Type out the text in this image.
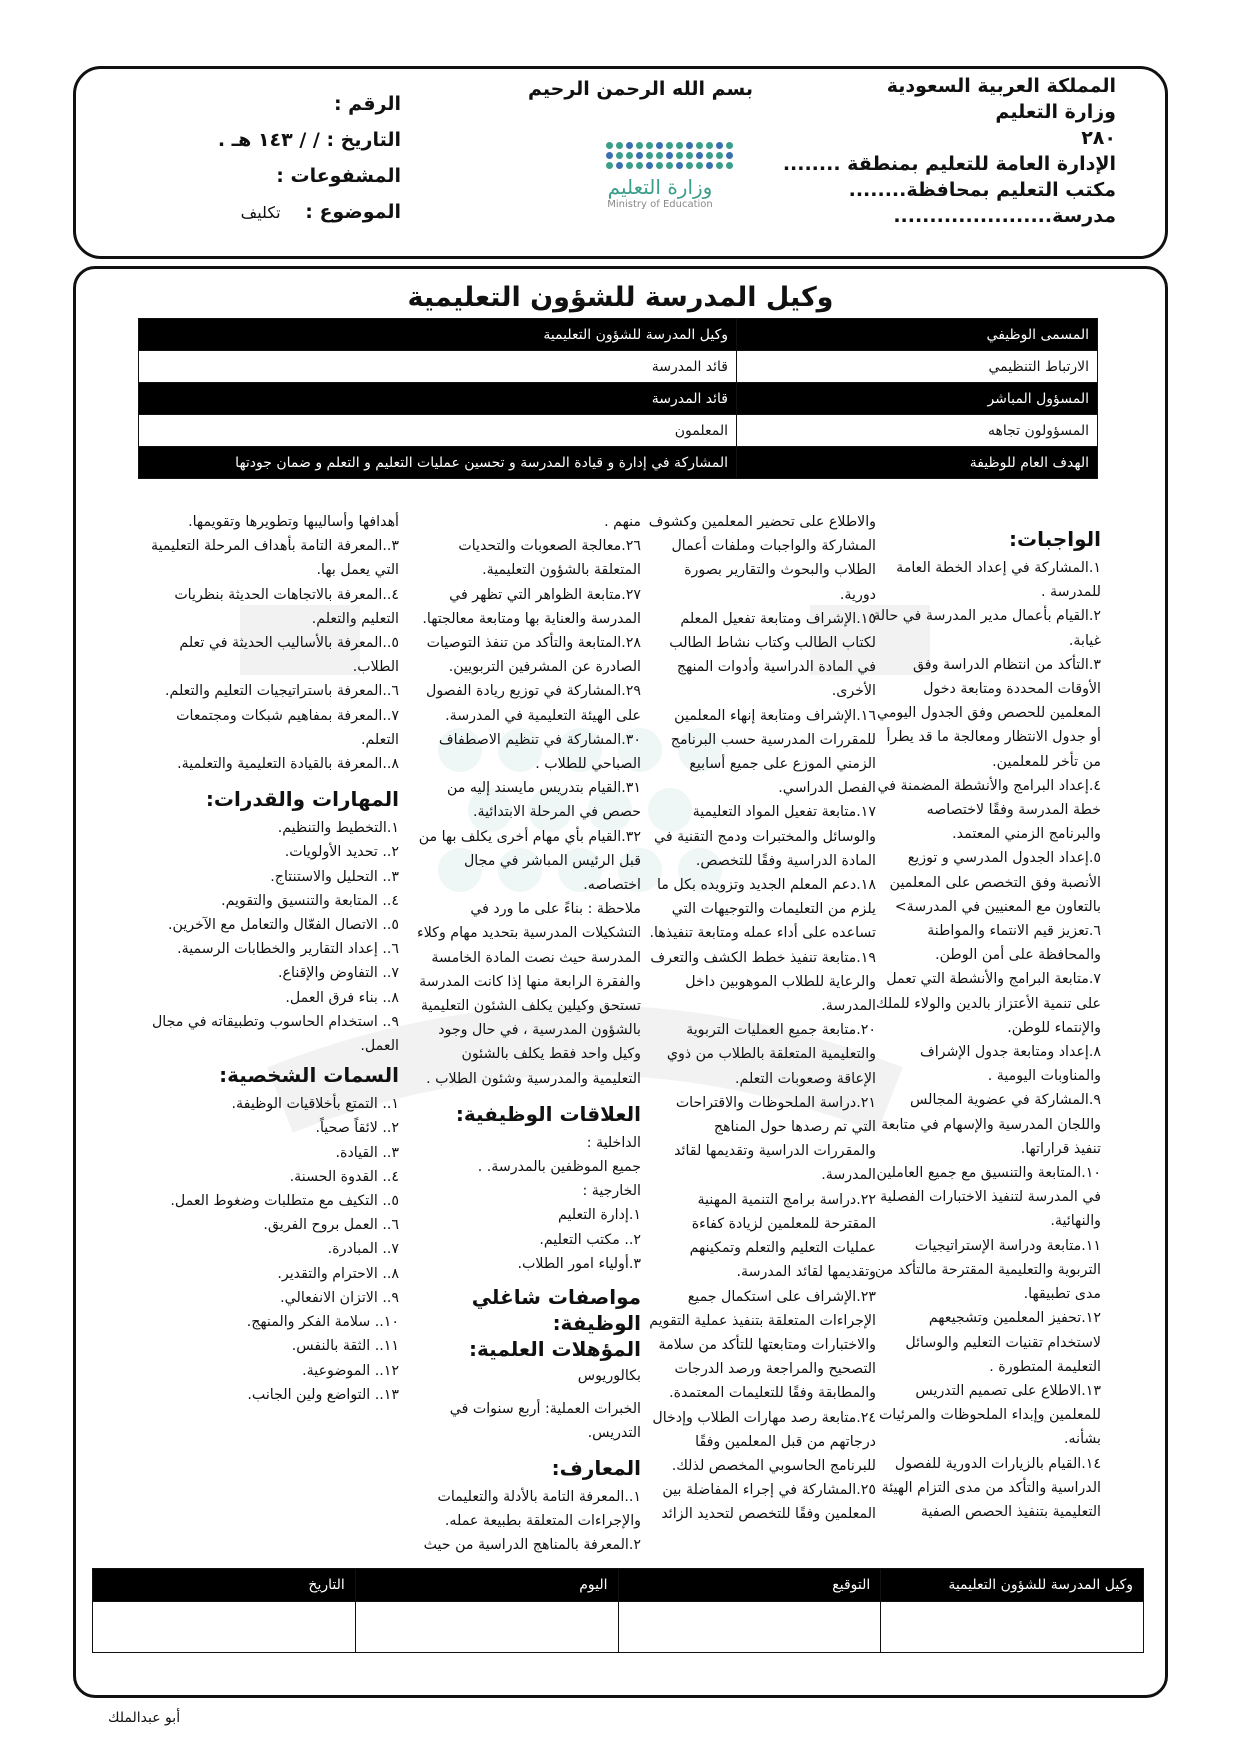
المملكة العربية السعودية
وزارة التعليم
٢٨٠
الإدارة العامة للتعليم بمنطقة ........
مكتب التعليم بمحافظة........
مدرسة......................
بسم الله الرحمن الرحيم
وزارة التعليم
Ministry of Education
الرقم :
التاريخ : / / ١٤٣ هـ .
المشفوعات :
الموضوع : تكليف
وكيل المدرسة للشؤون التعليمية
المسمى الوظيفي	وكيل المدرسة للشؤون التعليمية
الارتباط التنظيمي	قائد المدرسة
المسؤول المباشر	قائد المدرسة
المسؤولون تجاهه	المعلمون
الهدف العام للوظيفة	المشاركة في إدارة و قيادة المدرسة و تحسين عمليات التعليم و التعلم و ضمان جودتها

الواجبات:

١.المشاركة في إعداد الخطة العامة للمدرسة .

٢.القيام بأعمال مدير المدرسة في حالة غيابة.

٣.التأكد من انتظام الدراسة وفق الأوقات المحددة ومتابعة دخول المعلمين للحصص وفق الجدول اليومي أو جدول الانتظار ومعالجة ما قد يطرأ من تأخر للمعلمين.

٤.إعداد البرامج والأنشطة المضمنة في خطة المدرسة وفقًا لاختصاصه والبرنامج الزمني المعتمد.

٥.إعداد الجدول المدرسي و توزيع الأنصبة وفق التخصص على المعلمين بالتعاون مع المعنيين في المدرسة>

٦.تعزيز قيم الانتماء والمواطنة والمحافظة على أمن الوطن.

٧.متابعة البرامج والأنشطة التي تعمل على تنمية الأعتزاز بالدين والولاء للملك والإنتماء للوطن.

٨.إعداد ومتابعة جدول الإشراف والمناوبات اليومية .

٩.المشاركة في عضوية المجالس واللجان المدرسية والإسهام في متابعة تنفيذ قراراتها.

١٠.المتابعة والتنسيق مع جميع العاملين في المدرسة لتنفيذ الاختبارات الفصلية والنهائية.

١١.متابعة ودراسة الإستراتيجيات التربوية والتعليمية المقترحة مالتأكد من مدى تطبيقها.

١٢.تحفيز المعلمين وتشجيعهم لاستخدام تقنيات التعليم والوسائل التعليمة المتطورة .

١٣.الاطلاع على تصميم التدريس للمعلمين وإبداء الملحوظات والمرئيات بشأنه.

١٤.القيام بالزيارات الدورية للفصول الدراسية والتأكد من مدى التزام الهيئة التعليمية بتنفيذ الحصص الصفية

والاطلاع على تحضير المعلمين وكشوف المشاركة والواجبات وملفات أعمال الطلاب والبحوث والتقارير بصورة دورية.

١٥.الإشراف ومتابعة تفعيل المعلم لكتاب الطالب وكتاب نشاط الطالب في المادة الدراسية وأدوات المنهج الأخرى.

١٦.الإشراف ومتابعة إنهاء المعلمين للمقررات المدرسية حسب البرنامج الزمني الموزع على جميع أسابيع الفصل الدراسي.

١٧.متابعة تفعيل المواد التعليمية والوسائل والمختبرات ودمج التقنية في المادة الدراسية وفقًا للتخصص.

١٨.دعم المعلم الجديد وتزويده بكل ما يلزم من التعليمات والتوجيهات التي تساعده على أداء عمله ومتابعة تنفيذها.

١٩.متابعة تنفيذ خطط الكشف والتعرف والرعاية للطلاب الموهوبين داخل المدرسة.

٢٠.متابعة جميع العمليات التربوية والتعليمية المتعلقة بالطلاب من ذوي الإعاقة وصعوبات التعلم.

٢١.دراسة الملحوظات والاقتراحات التي تم رصدها حول المناهج والمقررات الدراسية وتقديمها لقائد المدرسة.

٢٢.دراسة برامج التنمية المهنية المقترحة للمعلمين لزيادة كفاءة عمليات التعليم والتعلم وتمكينهم وتقديمها لقائد المدرسة.

٢٣.الإشراف على استكمال جميع الإجراءات المتعلقة بتنفيذ عملية التقويم والاختبارات ومتابعتها للتأكد من سلامة التصحيح والمراجعة ورصد الدرجات والمطابقة وفقًا للتعليمات المعتمدة.

٢٤.متابعة رصد مهارات الطلاب وإدخال درجاتهم من قبل المعلمين وفقًا للبرنامج الحاسوبي المخصص لذلك.

٢٥.المشاركة في إجراء المفاضلة بين المعلمين وفقًا للتخصص لتحديد الزائد

منهم .

٢٦.معالجة الصعوبات والتحديات المتعلقة بالشؤون التعليمية.

٢٧.متابعة الظواهر التي تظهر في المدرسة والعناية بها ومتابعة معالجتها.

٢٨.المتابعة والتأكد من تنفذ التوصيات الصادرة عن المشرفين التربويين.

٢٩.المشاركة في توزيع ريادة الفصول على الهيئة التعليمية في المدرسة.

٣٠.المشاركة في تنظيم الاصطفاف الصباحي للطلاب .

٣١.القيام بتدريس مايسند إليه من حصص في المرحلة الابتدائية.

٣٢.القيام بأي مهام أخرى يكلف بها من قبل الرئيس المباشر في مجال اختصاصه.

ملاحظة : بناءً على ما ورد في التشكيلات المدرسية بتحديد مهام وكلاء المدرسة حيث نصت المادة الخامسة والفقرة الرابعة منها إذا كانت المدرسة تستحق وكيلين يكلف الشئون التعليمية بالشؤون المدرسية ، في حال وجود وكيل واحد فقط يكلف بالشئون التعليمية والمدرسية وشئون الطلاب .

العلاقات الوظيفية:

الداخلية :

جميع الموظفين بالمدرسة. .

الخارجية :

١.إدارة التعليم

٢.. مكتب التعليم.

٣.أولياء امور الطلاب.

مواصفات شاغلي الوظيفة:

المؤهلات العلمية: بكالوريوس

الخبرات العملية: أربع سنوات في التدريس.

المعارف:

١..المعرفة التامة بالأدلة والتعليمات والإجراءات المتعلقة بطبيعة عمله.

٢.المعرفة بالمناهج الدراسية من حيث

أهدافها وأساليبها وتطويرها وتقويمها.

٣..المعرفة التامة بأهداف المرحلة التعليمية التي يعمل بها.

٤..المعرفة بالاتجاهات الحديثة بنظريات التعليم والتعلم.

٥..المعرفة بالأساليب الحديثة في تعلم الطلاب.

٦..المعرفة باستراتيجيات التعليم والتعلم.

٧..المعرفة بمفاهيم شبكات ومجتمعات التعلم.

٨..المعرفة بالقيادة التعليمية والتعلمية.

المهارات والقدرات:

١.التخطيط والتنظيم.

٢.. تحديد الأولويات.

٣.. التحليل والاستنتاج.

٤.. المتابعة والتنسيق والتقويم.

٥.. الاتصال الفعّال والتعامل مع الآخرين.

٦.. إعداد التقارير والخطابات الرسمية.

٧.. التفاوض والإقناع.

٨.. بناء فرق العمل.

٩.. استخدام الحاسوب وتطبيقاته في مجال العمل.

السمات الشخصية:

١.. التمتع بأخلاقيات الوظيفة.

٢.. لائقاً صحياً.

٣.. القيادة.

٤.. القدوة الحسنة.

٥.. التكيف مع متطلبات وضغوط العمل.

٦.. العمل بروح الفريق.

٧.. المبادرة.

٨.. الاحترام والتقدير.

٩.. الاتزان الانفعالي.

١٠.. سلامة الفكر والمنهج.

١١.. الثقة بالنفس.

١٢.. الموضوعية.

١٣.. التواضع ولين الجانب.

وكيل المدرسة للشؤون التعليمية	التوقيع	اليوم	التاريخ

أبو عبدالملك
